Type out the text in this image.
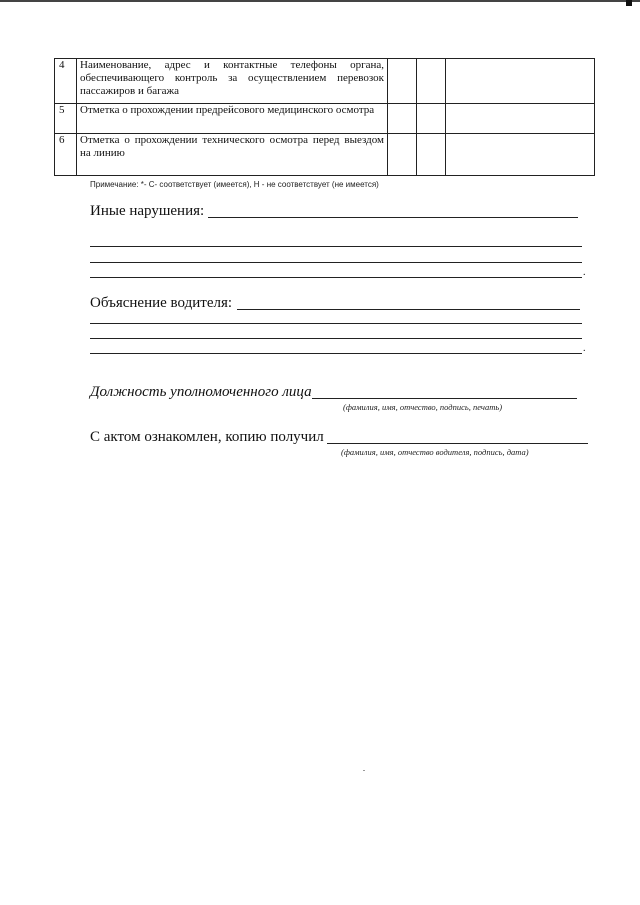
4	Наименование, адрес и контактные телефоны органа, обеспечивающего контроль за осуществлением перевозок пассажиров и багажа			
5	Отметка о прохождении предрейсового медицинского осмотра			
6	Отметка о прохождении технического осмотра перед выездом на линию			
Примечание: *- С- соответствует (имеется), Н - не соответствует (не имеется)
Иные нарушения:
.
Объяснение водителя:
.
Должность уполномоченного лица
(фамилия, имя, отчество, подпись, печать)
С актом ознакомлен, копию получил
(фамилия, имя, отчество водителя, подпись, дата)
